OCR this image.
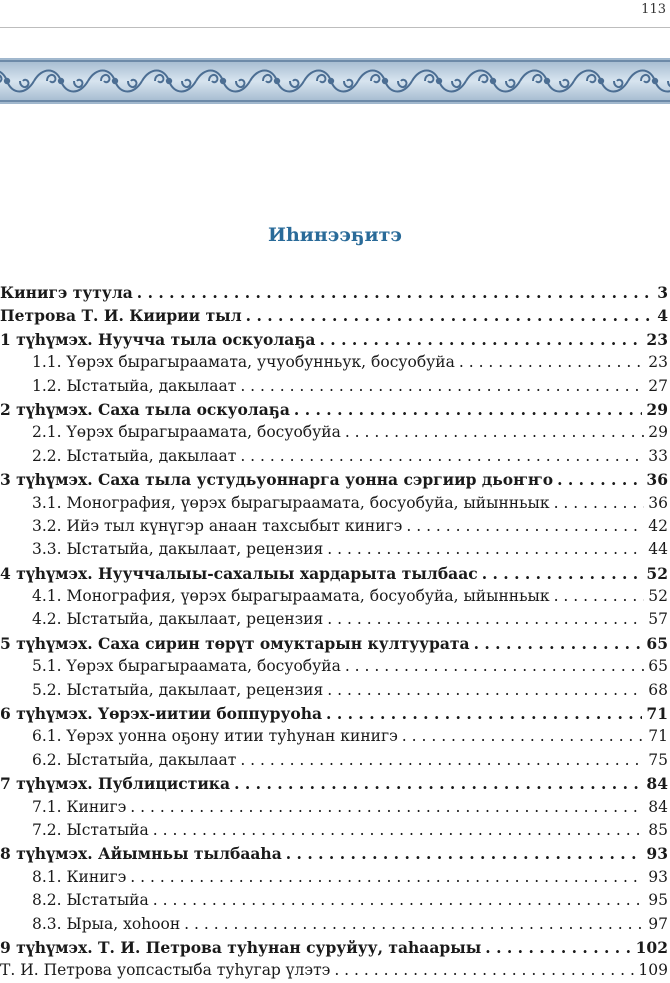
113
Иһинээҕитэ
Кинигэ тутула . . .	3
Петрова Т. И. Киирии тыл . . .	4
1 түһүмэх. Нуучча тыла оскуолаҕа . . .	23
1.1. Үөрэх бырагыраамата, учуобунньук, босуобуйа . . .	23
1.2. Ыстатыйа, дакылаат . . .	27
2 түһүмэх. Саха тыла оскуолаҕа . . .	29
2.1. Үөрэх бырагыраамата, босуобуйа . . .	29
2.2. Ыстатыйа, дакылаат . . .	33
3 түһүмэх. Саха тыла устудьуоннарга уонна сэргиир дьоҥҥо . . .	36
3.1. Монография, үөрэх бырагыраамата, босуобуйа, ыйынньык . . .	36
3.2. Ийэ тыл күнүгэр анаан тахсыбыт кинигэ . . .	42
3.3. Ыстатыйа, дакылаат, рецензия . . .	44
4 түһүмэх. Нууччалыы-сахалыы хардарыта тылбаас . . .	52
4.1. Монография, үөрэх бырагыраамата, босуобуйа, ыйынньык . . .	52
4.2. Ыстатыйа, дакылаат, рецензия . . .	57
5 түһүмэх. Саха сирин төрүт омуктарын култуурата . . .	65
5.1. Үөрэх бырагыраамата, босуобуйа . . .	65
5.2. Ыстатыйа, дакылаат, рецензия . . .	68
6 түһүмэх. Үөрэх-иитии боппуруоһа . . .	71
6.1. Үөрэх уонна оҕону итии туһунан кинигэ . . .	71
6.2. Ыстатыйа, дакылаат . . .	75
7 түһүмэх. Публицистика . . .	84
7.1. Кинигэ . . .	84
7.2. Ыстатыйа . . .	85
8 түһүмэх. Айымньы тылбааһа . . .	93
8.1. Кинигэ . . .	93
8.2. Ыстатыйа . . .	95
8.3. Ырыа, хоһоон . . .	97
9 түһүмэх. Т. И. Петрова туһунан суруйуу, таһаарыы . . .	102
Т. И. Петрова уопсастыба туһугар үлэтэ . . .	109
